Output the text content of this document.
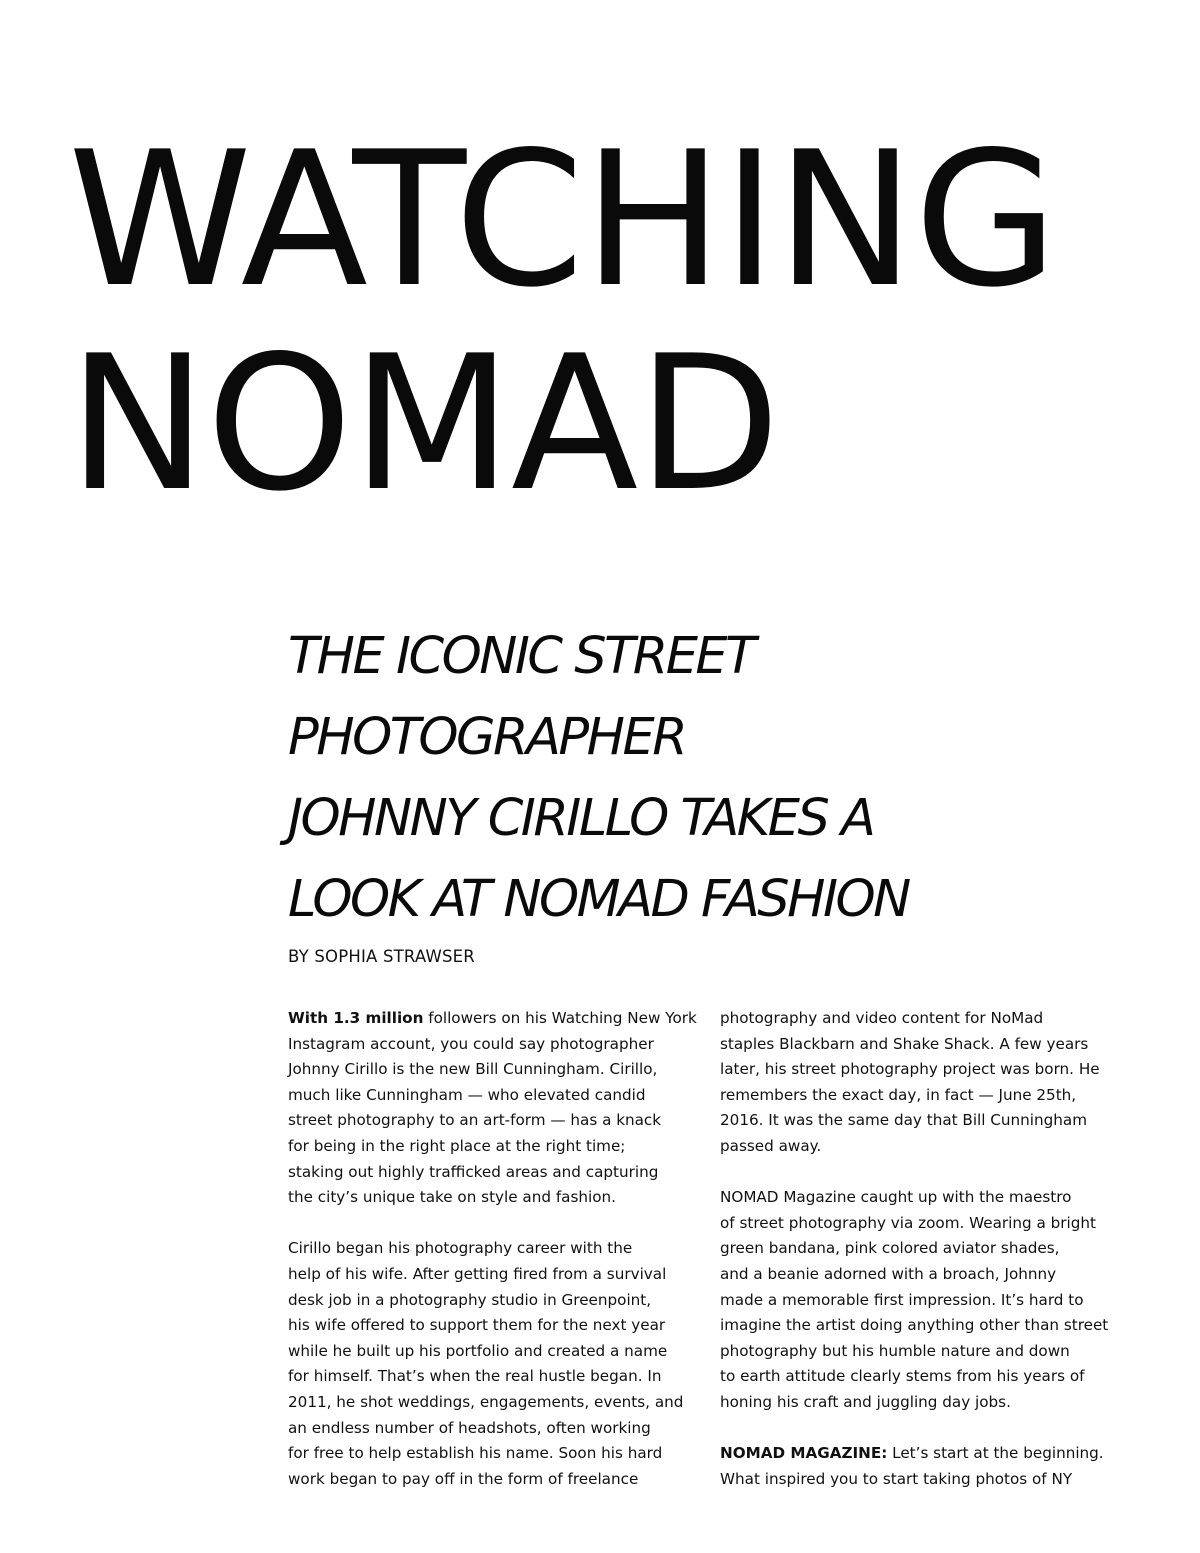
WATCHING
NOMAD
THE ICONIC STREET
PHOTOGRAPHER
JOHNNY CIRILLO TAKES A
LOOK AT NOMAD FASHION
BY SOPHIA STRAWSER

With 1.3 million followers on his Watching New York
Instagram account, you could say photographer
Johnny Cirillo is the new Bill Cunningham. Cirillo,
much like Cunningham — who elevated candid
street photography to an art-form — has a knack
for being in the right place at the right time;
staking out highly trafficked areas and capturing
the city’s unique take on style and fashion.

Cirillo began his photography career with the
help of his wife. After getting fired from a survival
desk job in a photography studio in Greenpoint,
his wife offered to support them for the next year
while he built up his portfolio and created a name
for himself. That’s when the real hustle began. In
2011, he shot weddings, engagements, events, and
an endless number of headshots, often working
for free to help establish his name. Soon his hard
work began to pay off in the form of freelance

photography and video content for NoMad
staples Blackbarn and Shake Shack. A few years
later, his street photography project was born. He
remembers the exact day, in fact — June 25th,
2016. It was the same day that Bill Cunningham
passed away.

NOMAD Magazine caught up with the maestro
of street photography via zoom. Wearing a bright
green bandana, pink colored aviator shades,
and a beanie adorned with a broach, Johnny
made a memorable first impression. It’s hard to
imagine the artist doing anything other than street
photography but his humble nature and down
to earth attitude clearly stems from his years of
honing his craft and juggling day jobs.

NOMAD MAGAZINE: Let’s start at the beginning.
What inspired you to start taking photos of NY
